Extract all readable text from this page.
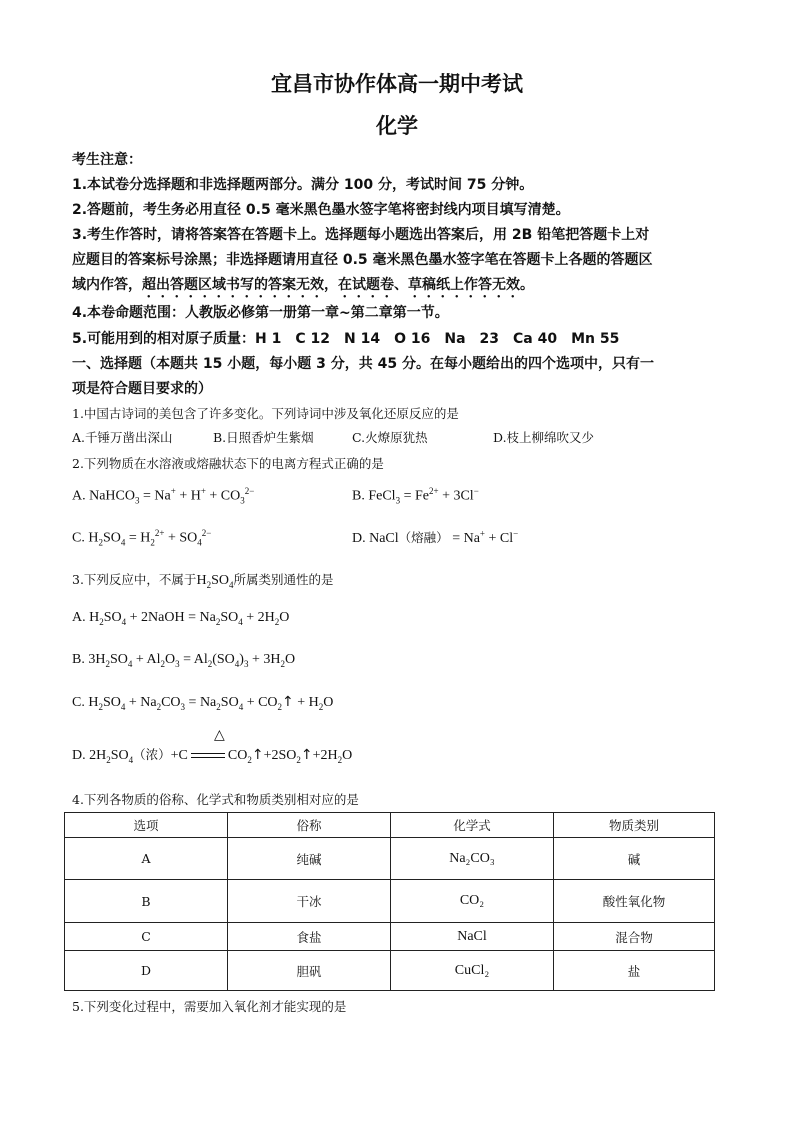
宜昌市协作体高一期中考试
化学
考生注意：
1.本试卷分选择题和非选择题两部分。满分 100 分，考试时间 75 分钟。
2.答题前，考生务必用直径 0.5 毫米黑色墨水签字笔将密封线内项目填写清楚。
3.考生作答时，请将答案答在答题卡上。选择题每小题选出答案后，用 2B 铅笔把答题卡上对
应题目的答案标号涂黑；非选择题请用直径 0.5 毫米黑色墨水签字笔在答题卡上各题的答题区
域内作答，超出答题区域书写的答案无效，在试题卷、草稿纸上作答无效。
4.本卷命题范围：人教版必修第一册第一章~第二章第一节。
5.可能用到的相对原子质量：H 1　C 12　N 14　O 16　Na　23　Ca 40　Mn 55
一、选择题（本题共 15 小题，每小题 3 分，共 45 分。在每小题给出的四个选项中，只有一
项是符合题目要求的）
1.中国古诗词的美包含了许多变化。下列诗词中涉及氧化还原反应的是
A.千锤万凿出深山	B.日照香炉生紫烟	C.火燎原犹热	D.枝上柳绵吹又少
2.下列物质在水溶液或熔融状态下的电离方程式正确的是
A. NaHCO$_3$ = $Na^+ + H^+ + CO_3^{2-}$	B. FeCl$_3$ = $Fe^{2+} + 3Cl^-$
C. $H_2SO_4 = H_2^{2+} + SO_4^{2-}$	D. NaCl（熔融） = Na+ + Cl−
3.下列反应中，不属于$H_2SO_4$所属类别通性的是
A. $H_2SO_4$ + 2NaOH = $Na_2SO_4 + 2H_2O$
B. $3H_2SO_4 + Al_2O_3 = Al_2(SO_4)_3 + 3H_2O$
C. $H_2SO_4 + Na_2CO_3 = Na_2SO_4$ + $CO_2↑ + H_2O$
△
D. $2H_2SO_4$（浓）+C	$CO_2↑+2SO_2↑+2H_2O$
4.下列各物质的俗称、化学式和物质类别相对应的是
选项	俗称	化学式	物质类别
A	纯碱	Na₂CO₃	碱
B	干冰	CO₂	酸性氧化物
C	食盐	NaCl	混合物
D	胆矾	CuCl₂	盐
5.下列变化过程中，需要加入氧化剂才能实现的是
